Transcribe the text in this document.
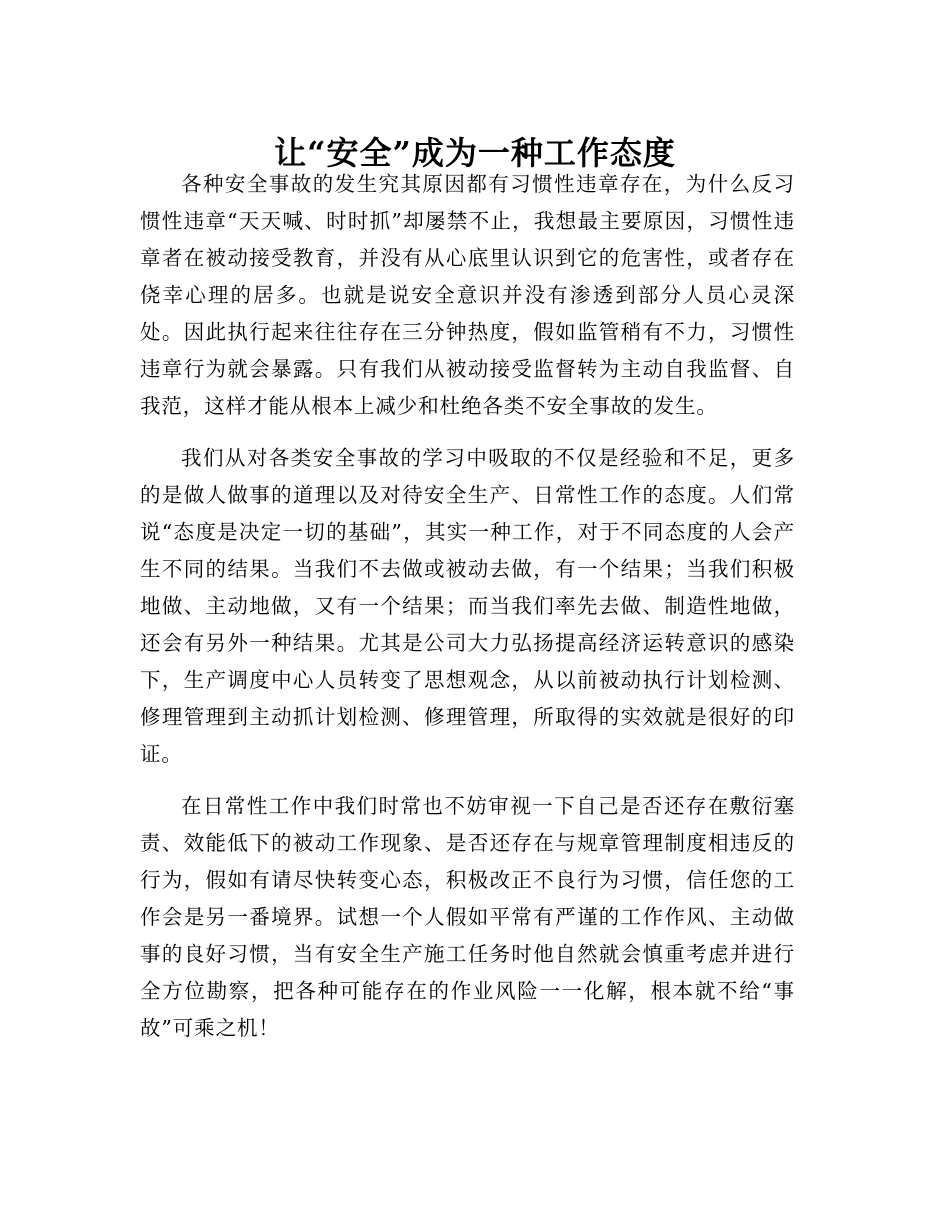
让“安全”成为一种工作态度

各种安全事故的发生究其原因都有习惯性违章存在，为什么反习惯性违章“天天喊、时时抓”却屡禁不止，我想最主要原因，习惯性违章者在被动接受教育，并没有从心底里认识到它的危害性，或者存在侥幸心理的居多。也就是说安全意识并没有渗透到部分人员心灵深处。因此执行起来往往存在三分钟热度，假如监管稍有不力，习惯性违章行为就会暴露。只有我们从被动接受监督转为主动自我监督、自我范，这样才能从根本上减少和杜绝各类不安全事故的发生。

我们从对各类安全事故的学习中吸取的不仅是经验和不足，更多的是做人做事的道理以及对待安全生产、日常性工作的态度。人们常说“态度是决定一切的基础”，其实一种工作，对于不同态度的人会产生不同的结果。当我们不去做或被动去做，有一个结果；当我们积极地做、主动地做，又有一个结果；而当我们率先去做、制造性地做，还会有另外一种结果。尤其是公司大力弘扬提高经济运转意识的感染下，生产调度中心人员转变了思想观念，从以前被动执行计划检测、修理管理到主动抓计划检测、修理管理，所取得的实效就是很好的印证。

在日常性工作中我们时常也不妨审视一下自己是否还存在敷衍塞责、效能低下的被动工作现象、是否还存在与规章管理制度相违反的行为，假如有请尽快转变心态，积极改正不良行为习惯，信任您的工作会是另一番境界。试想一个人假如平常有严谨的工作作风、主动做事的良好习惯，当有安全生产施工任务时他自然就会慎重考虑并进行全方位勘察，把各种可能存在的作业风险一一化解，根本就不给“事故”可乘之机！
